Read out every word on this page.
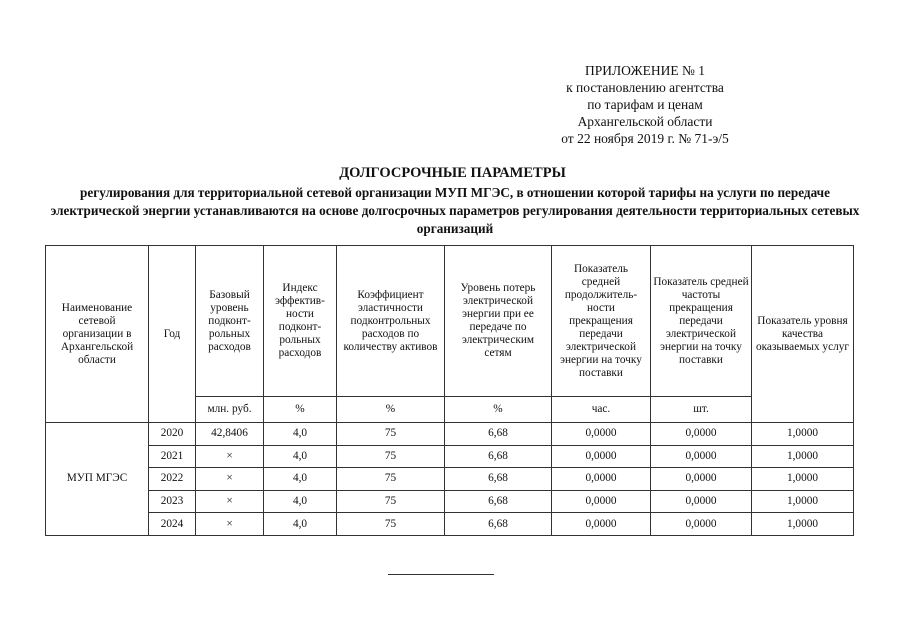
ПРИЛОЖЕНИЕ № 1
к постановлению агентства
по тарифам и ценам
Архангельской области
от 22 ноября 2019 г. № 71-э/5
ДОЛГОСРОЧНЫЕ ПАРАМЕТРЫ
регулирования для территориальной сетевой организации МУП МГЭС, в отношении которой тарифы на услуги по передаче электрической энергии устанавливаются на основе долгосрочных параметров регулирования деятельности территориальных сетевых организаций
Наименование сетевой организации в Архангельской области	Год	Базовый уровень подконт-рольных расходов	Индекс эффектив-ности подконт-рольных расходов	Коэффициент эластичности подконтрольных расходов по количеству активов	Уровень потерь электрической энергии при ее передаче по электрическим сетям	Показатель средней продолжитель-ности прекращения передачи электрической энергии на точку поставки	Показатель средней частоты прекращения передачи электрической энергии на точку поставки	Показатель уровня качества оказываемых услуг
		млн. руб.	%	%	%	час.	шт.	
МУП МГЭС	2020	42,8406	4,0	75	6,68	0,0000	0,0000	1,0000
	2021	×	4,0	75	6,68	0,0000	0,0000	1,0000
	2022	×	4,0	75	6,68	0,0000	0,0000	1,0000
	2023	×	4,0	75	6,68	0,0000	0,0000	1,0000
	2024	×	4,0	75	6,68	0,0000	0,0000	1,0000
